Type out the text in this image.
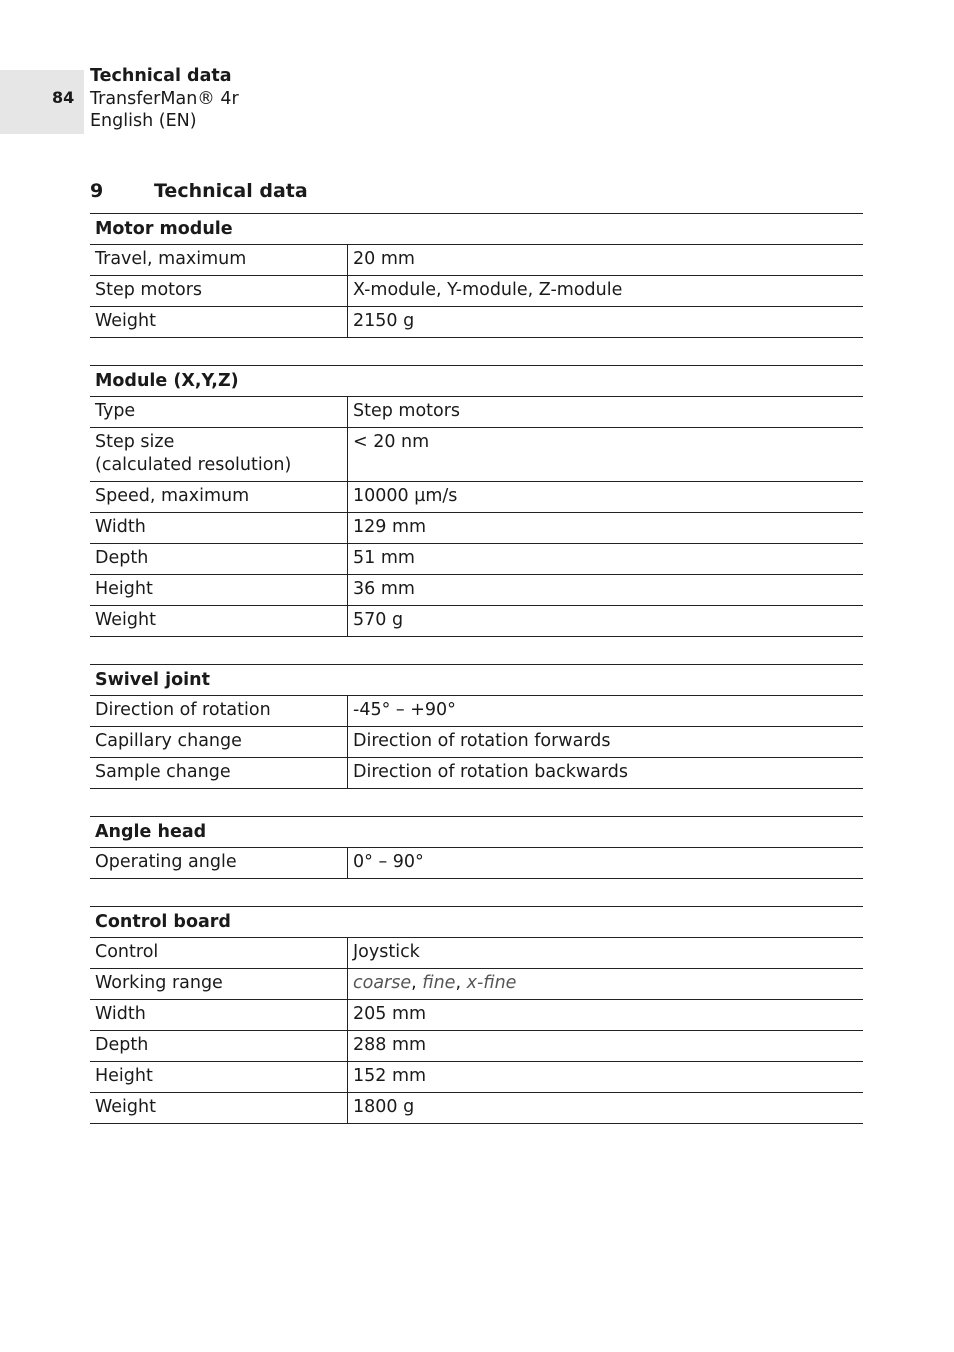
84
Technical data
TransferMan® 4r
English (EN)
9	Technical data
Motor module	
Travel, maximum	20 mm
Step motors	X-module, Y-module, Z-module
Weight	2150 g
Module (X,Y,Z)	
Type	Step motors
Step size
(calculated resolution)	< 20 nm
Speed, maximum	10000 µm/s
Width	129 mm
Depth	51 mm
Height	36 mm
Weight	570 g
Swivel joint	
Direction of rotation	-45° – +90°
Capillary change	Direction of rotation forwards
Sample change	Direction of rotation backwards
Angle head
Operating angle	0° – 90°
Control board	
Control	Joystick
Working range	coarse, fine, x-fine
Width	205 mm
Depth	288 mm
Height	152 mm
Weight	1800 g
